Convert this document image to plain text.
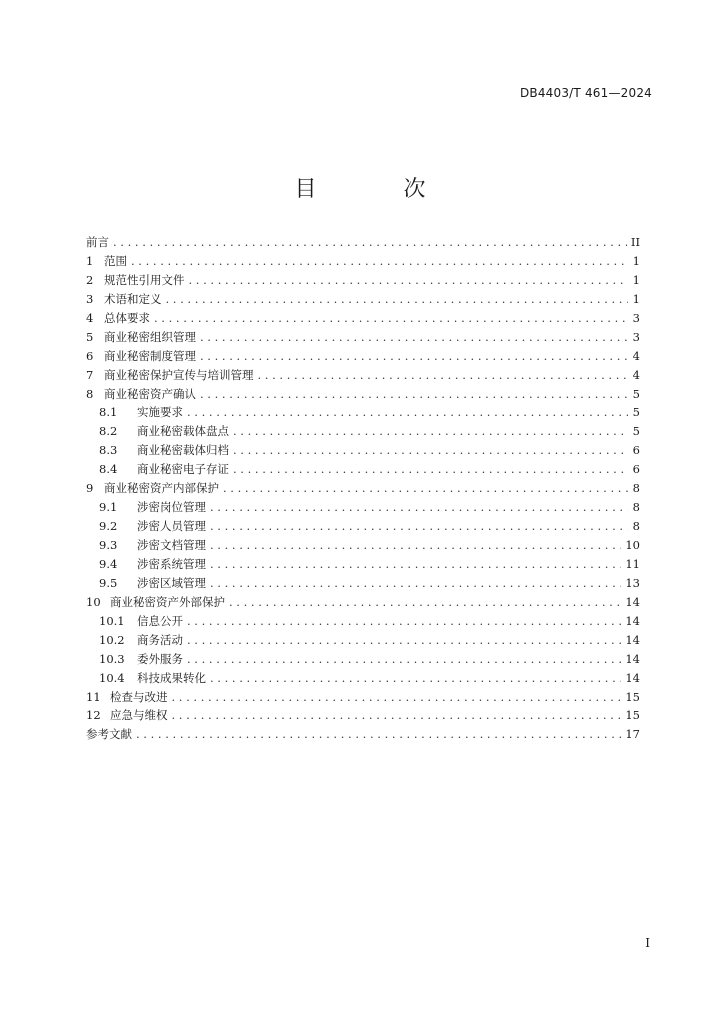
DB4403/T 461—2024
目 次
前言 . . .	II
1 范围 . . .	1
2 规范性引用文件 . . .	1
3 术语和定义 . . .	1
4 总体要求 . . .	3
5 商业秘密组织管理 . . .	3
6 商业秘密制度管理 . . .	4
7 商业秘密保护宣传与培训管理 . . .	4
8 商业秘密资产确认 . . .	5
8.1	实施要求 . . .	5
8.2	商业秘密载体盘点 . . .	5
8.3	商业秘密载体归档 . . .	6
8.4	商业秘密电子存证 . . .	6
9 商业秘密资产内部保护 . . .	8
9.1	涉密岗位管理 . . .	8
9.2	涉密人员管理 . . .	8
9.3	涉密文档管理 . . .	10
9.4	涉密系统管理 . . .	11
9.5	涉密区域管理 . . .	13
10 商业秘密资产外部保护 . . .	14
10.1	信息公开 . . .	14
10.2	商务活动 . . .	14
10.3	委外服务 . . .	14
10.4	科技成果转化 . . .	14
11 检查与改进 . . .	15
12 应急与维权 . . .	15
参考文献 . . .	17
I
